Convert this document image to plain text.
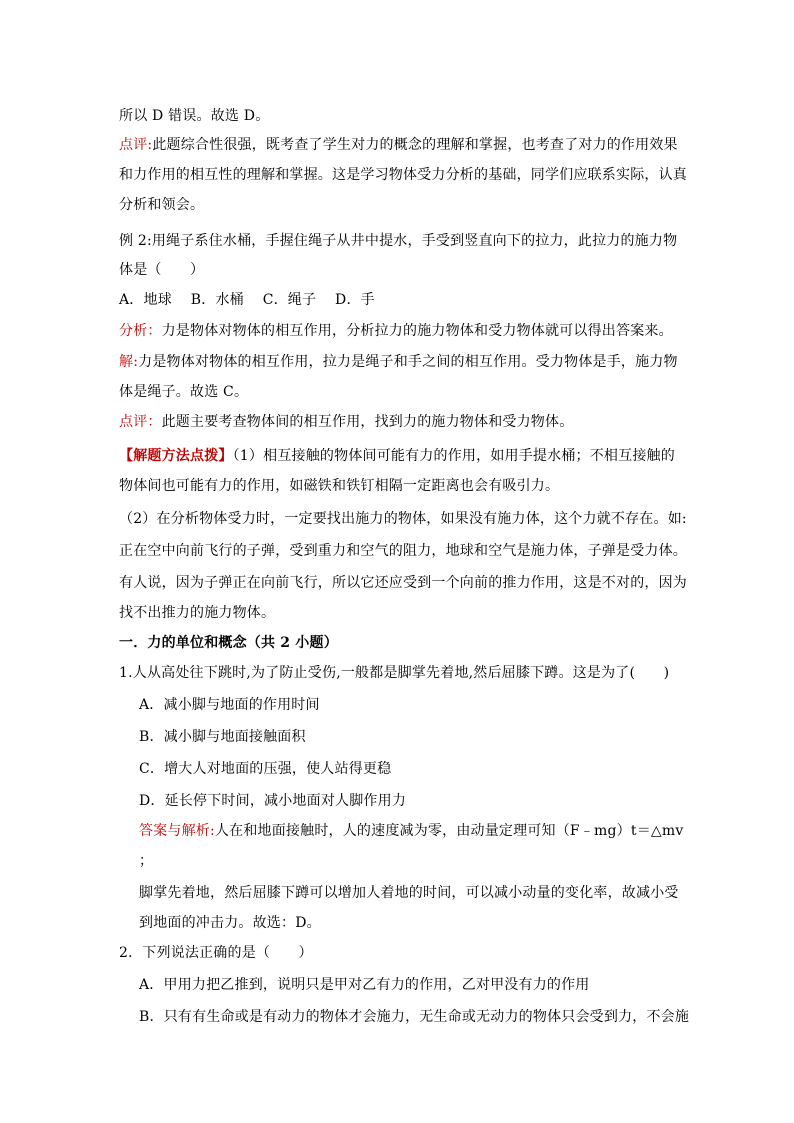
所以 D 错误。故选 D。
点评:此题综合性很强，既考查了学生对力的概念的理解和掌握，也考查了对力的作用效果
和力作用的相互性的理解和掌握。这是学习物体受力分析的基础，同学们应联系实际，认真
分析和领会。
例 2:用绳子系住水桶，手握住绳子从井中提水，手受到竖直向下的拉力，此拉力的施力物
体是（　　）
A．地球　 B．水桶　 C．绳子　 D．手
分析：力是物体对物体的相互作用，分析拉力的施力物体和受力物体就可以得出答案来。
解:力是物体对物体的相互作用，拉力是绳子和手之间的相互作用。受力物体是手，施力物
体是绳子。故选 C。
点评：此题主要考查物体间的相互作用，找到力的施力物体和受力物体。
【解题方法点拨】（1）相互接触的物体间可能有力的作用，如用手提水桶；不相互接触的
物体间也可能有力的作用，如磁铁和铁钉相隔一定距离也会有吸引力。
（2）在分析物体受力时，一定要找出施力的物体，如果没有施力体，这个力就不存在。如:
正在空中向前飞行的子弹，受到重力和空气的阻力，地球和空气是施力体，子弹是受力体。
有人说，因为子弹正在向前飞行，所以它还应受到一个向前的推力作用，这是不对的，因为
找不出推力的施力物体。
一．力的单位和概念（共 2 小题）
1.人从高处往下跳时,为了防止受伤,一般都是脚掌先着地,然后屈膝下蹲。这是为了(　　)
A．减小脚与地面的作用时间
B．减小脚与地面接触面积
C．增大人对地面的压强，使人站得更稳
D．延长停下时间，减小地面对人脚作用力
答案与解析:人在和地面接触时，人的速度减为零，由动量定理可知（F﹣mg）t＝△mv
；
脚掌先着地，然后屈膝下蹲可以增加人着地的时间，可以减小动量的变化率，故减小受
到地面的冲击力。故选：D。
2．下列说法正确的是（　　）
A．甲用力把乙推到，说明只是甲对乙有力的作用，乙对甲没有力的作用
B．只有有生命或是有动力的物体才会施力，无生命或无动力的物体只会受到力，不会施
